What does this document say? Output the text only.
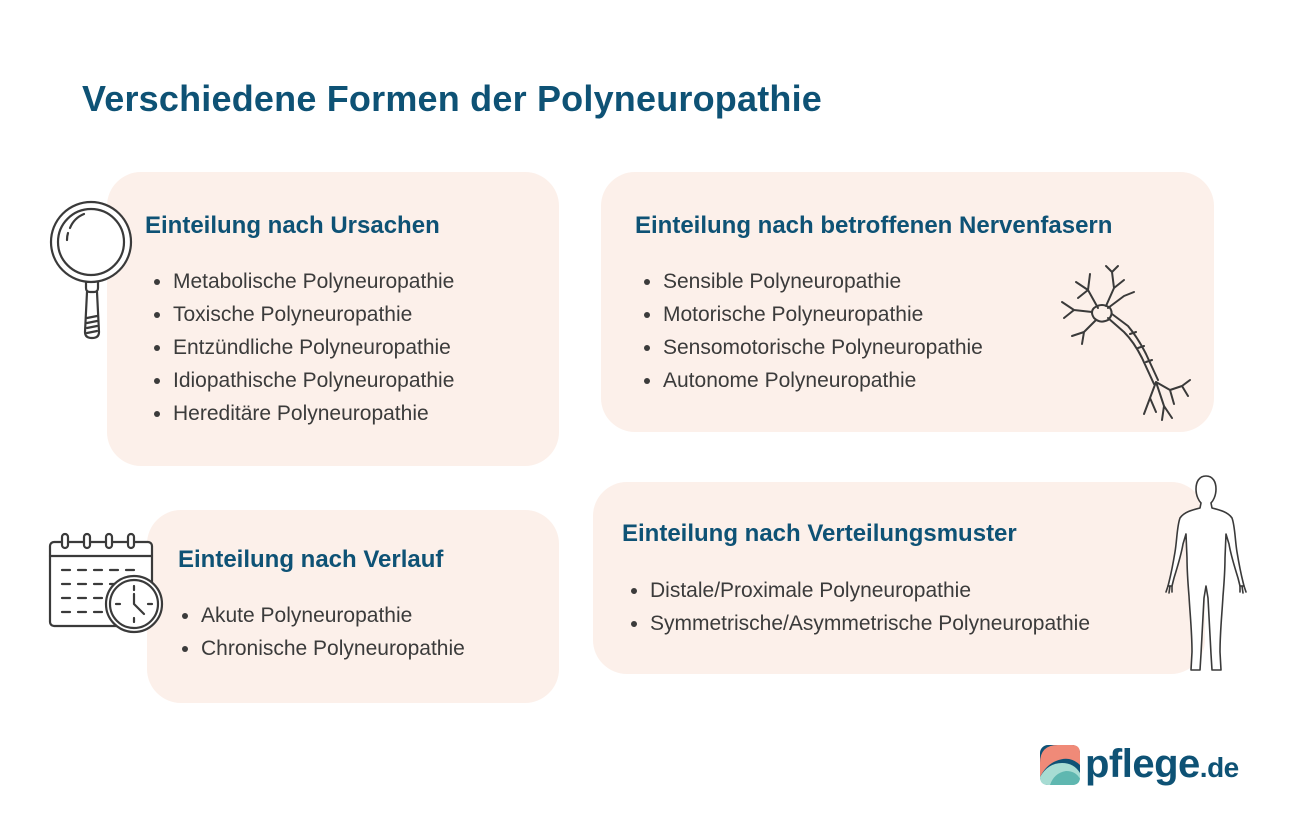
Verschiedene Formen der Polyneuropathie
Einteilung nach Ursachen
• Metabolische Polyneuropathie
• Toxische Polyneuropathie
• Entzündliche Polyneuropathie
• Idiopathische Polyneuropathie
• Hereditäre Polyneuropathie
Einteilung nach betroffenen Nervenfasern
• Sensible Polyneuropathie
• Motorische Polyneuropathie
• Sensomotorische Polyneuropathie
• Autonome Polyneuropathie
Einteilung nach Verlauf
• Akute Polyneuropathie
• Chronische Polyneuropathie
Einteilung nach Verteilungsmuster
• Distale/Proximale Polyneuropathie
• Symmetrische/Asymmetrische Polyneuropathie
pflege.de
